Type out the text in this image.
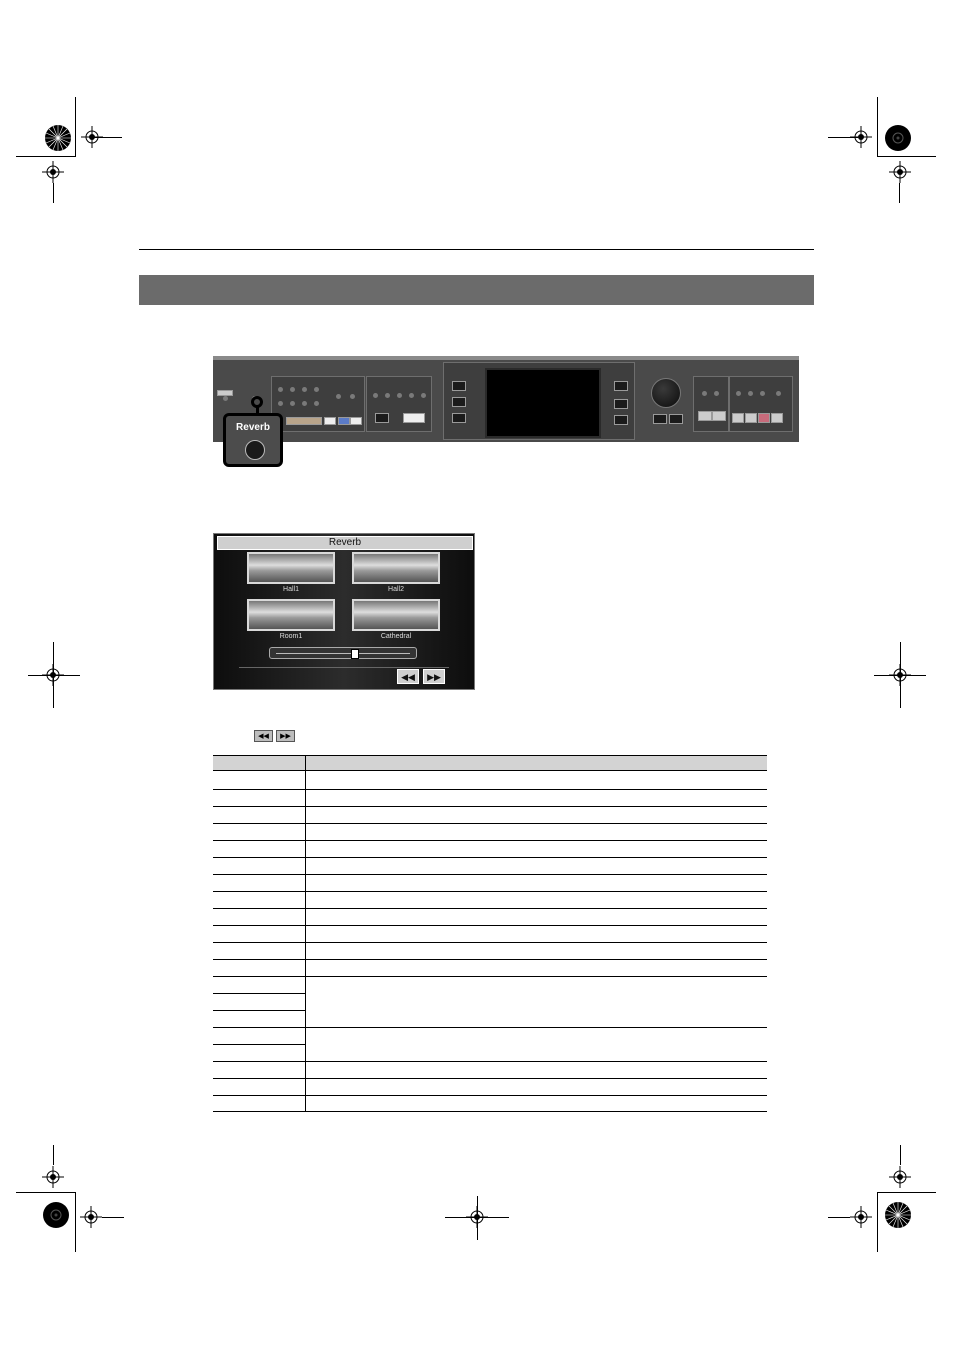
Reverb
Reverb
Hall1	Hall2
Room1	Cathedral
◀◀	▶▶
◀◀	▶▶
